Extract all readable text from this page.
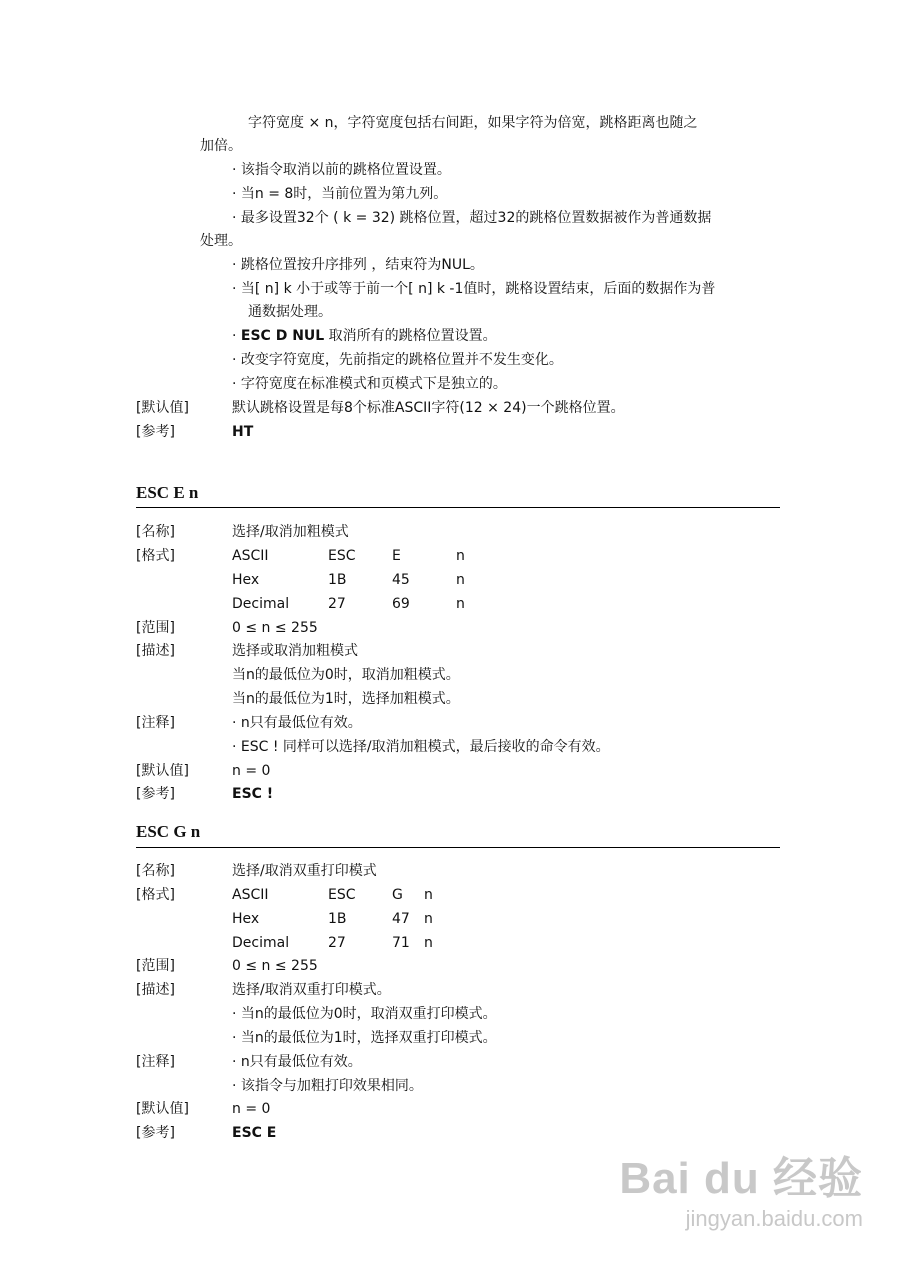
字符宽度 × n，字符宽度包括右间距，如果字符为倍宽，跳格距离也随之
加倍。
· 该指令取消以前的跳格位置设置。
· 当n = 8时，当前位置为第九列。
· 最多设置32个 ( k = 32) 跳格位置，超过32的跳格位置数据被作为普通数据
处理。
· 跳格位置按升序排列 ，结束符为NUL。
· 当[ n] k 小于或等于前一个[ n] k -1值时，跳格设置结束，后面的数据作为普
通数据处理。
· ESC D NUL 取消所有的跳格位置设置。
· 改变字符宽度，先前指定的跳格位置并不发生变化。
· 字符宽度在标准模式和页模式下是独立的。
[默认值]	默认跳格设置是每8个标准ASCII字符(12 × 24)一个跳格位置。
[参考]	HT
ESC E n
[名称]	选择/取消加粗模式
[格式]	ASCII	ESC	E	n
Hex	1B	45	n
Decimal	27	69	n
[范围]	0 ≤ n ≤ 255
[描述]	选择或取消加粗模式
当n的最低位为0时，取消加粗模式。
当n的最低位为1时，选择加粗模式。
[注释]	· n只有最低位有效。
· ESC ! 同样可以选择/取消加粗模式，最后接收的命令有效。
[默认值]	n = 0
[参考]	ESC !
ESC G n
[名称]	选择/取消双重打印模式
[格式]	ASCII	ESC	G n
Hex	1B	47 n
Decimal	27	71 n
[范围]	0 ≤ n ≤ 255
[描述]	选择/取消双重打印模式。
· 当n的最低位为0时，取消双重打印模式。
· 当n的最低位为1时，选择双重打印模式。
[注释]	· n只有最低位有效。
· 该指令与加粗打印效果相同。
[默认值]	n = 0
[参考]	ESC E
Bai du 经验
jingyan.baidu.com
